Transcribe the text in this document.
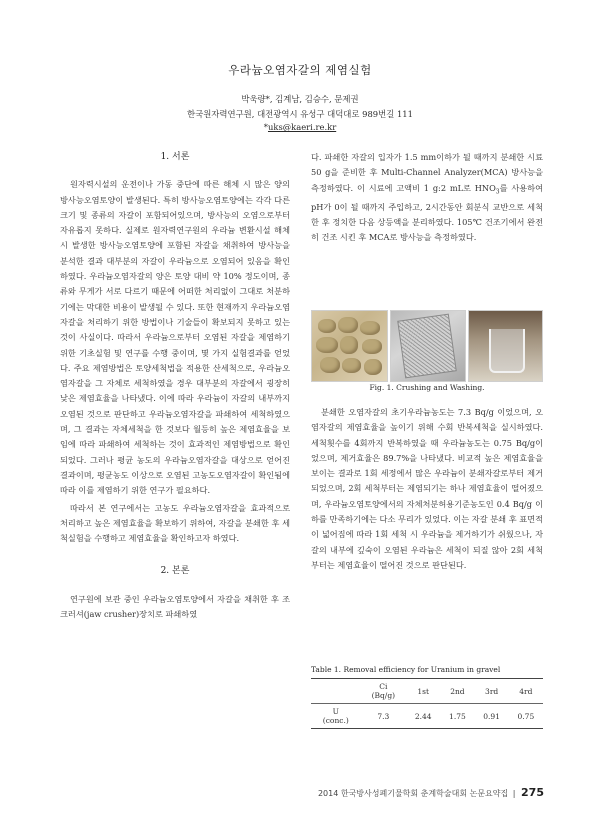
우라늄오염자갈의 제염실험
박욱량*, 김계남, 김승수, 문제권
한국원자력연구원, 대전광역시 유성구 대덕대로 989번길 111
*uks@kaeri.re.kr
1. 서론

원자력시설의 운전이나 가동 중단에 따른 해체 시 많은 양의 방사능오염토양이 발생된다. 특히 방사능오염토양에는 각각 다른 크기 및 종류의 자갈이 포함되어있으며, 방사능의 오염으로부터 자유롭지 못하다. 실제로 원자력연구원의 우라늄 변환시설 해체 시 발생한 방사능오염토양에 포함된 자갈을 채취하여 방사능을 분석한 결과 대부분의 자갈이 우라늄으로 오염되어 있음을 확인하였다. 우라늄오염자갈의 양은 토양 대비 약 10% 정도이며, 종류와 무게가 서로 다르기 때문에 어떠한 처리없이 그대로 처분하기에는 막대한 비용이 발생될 수 있다. 또한 현재까지 우라늄오염자갈을 처리하기 위한 방법이나 기술들이 확보되지 못하고 있는 것이 사실이다. 따라서 우라늄으로부터 오염된 자갈을 제염하기위한 기초실험 및 연구를 수행 중이며, 몇 가지 실험결과를 얻었다. 주요 제염방법은 토양세척법을 적용한 산세척으로, 우라늄오염자갈을 그 자체로 세척하였을 경우 대부분의 자갈에서 굉장히 낮은 제염효율을 나타냈다. 이에 따라 우라늄이 자갈의 내부까지 오염된 것으로 판단하고 우라늄오염자갈을 파쇄하여 세척하였으며, 그 결과는 자체세척을 한 것보다 월등히 높은 제염효율을 보임에 따라 파쇄하여 세척하는 것이 효과적인 제염방법으로 확인되었다. 그러나 평균 농도의 우라늄오염자갈을 대상으로 얻어진 결과이며, 평균농도 이상으로 오염된 고농도오염자갈이 확인됨에 따라 이를 제염하기 위한 연구가 필요하다.

따라서 본 연구에서는 고농도 우라늄오염자갈을 효과적으로 처리하고 높은 제염효율을 확보하기 위하여, 자갈을 분쇄한 후 세척실험을 수행하고 제염효율을 확인하고자 하였다.

2. 본론

연구원에 보관 중인 우라늄오염토양에서 자갈을 채취한 후 조크러셔(jaw crusher)장치로 파쇄하였

다. 파쇄한 자갈의 입자가 1.5 mm이하가 될 때까지 분쇄한 시료 50 g을 준비한 후 Multi-Channel Analyzer(MCA) 방사능을 측정하였다. 이 시료에 고액비 1 g:2 mL로 $HNO_3$를 사용하여 pH가 0이 될 때까지 주입하고, 2시간동안 회분식 교반으로 세척 한 후 정치한 다음 상등액을 분리하였다. 105℃ 건조기에서 완전히 건조 시킨 후 MCA로 방사능을 측정하였다.

Fig. 1. Crushing and Washing.

분쇄한 오염자갈의 초기우라늄농도는 7.3 Bq/g 이었으며, 오염자갈의 제염효율을 높이기 위해 수회 반복세척을 실시하였다. 세척횟수를 4회까지 반복하였을 때 우라늄농도는 0.75 Bq/g이었으며, 제거효율은 89.7%을 나타냈다. 비교적 높은 제염효율을 보이는 결과로 1회 세정에서 많은 우라늄이 분쇄자갈로부터 제거되었으며, 2회 세척부터는 제염되기는 하나 제염효율이 떨어졌으며, 우라늄오염토양에서의 자체처분허용기준농도인 0.4 Bq/g 이하를 만족하기에는 다소 무리가 있었다. 이는 자갈 분쇄 후 표면적이 넓어짐에 따라 1회 세척 시 우라늄을 제거하기가 쉬웠으나, 자갈의 내부에 깊숙이 오염된 우라늄은 세척이 되질 않아 2회 세척부터는 제염효율이 떨어진 것으로 판단된다.

Table 1. Removal efficiency for Uranium in gravel

	Ci
(Bq/g)	1st	2nd	3rd	4rd

U
(conc.)	7.3	2.44	1.75	0.91	0.75
2014 한국방사성폐기물학회 춘계학술대회 논문요약집 | 275
